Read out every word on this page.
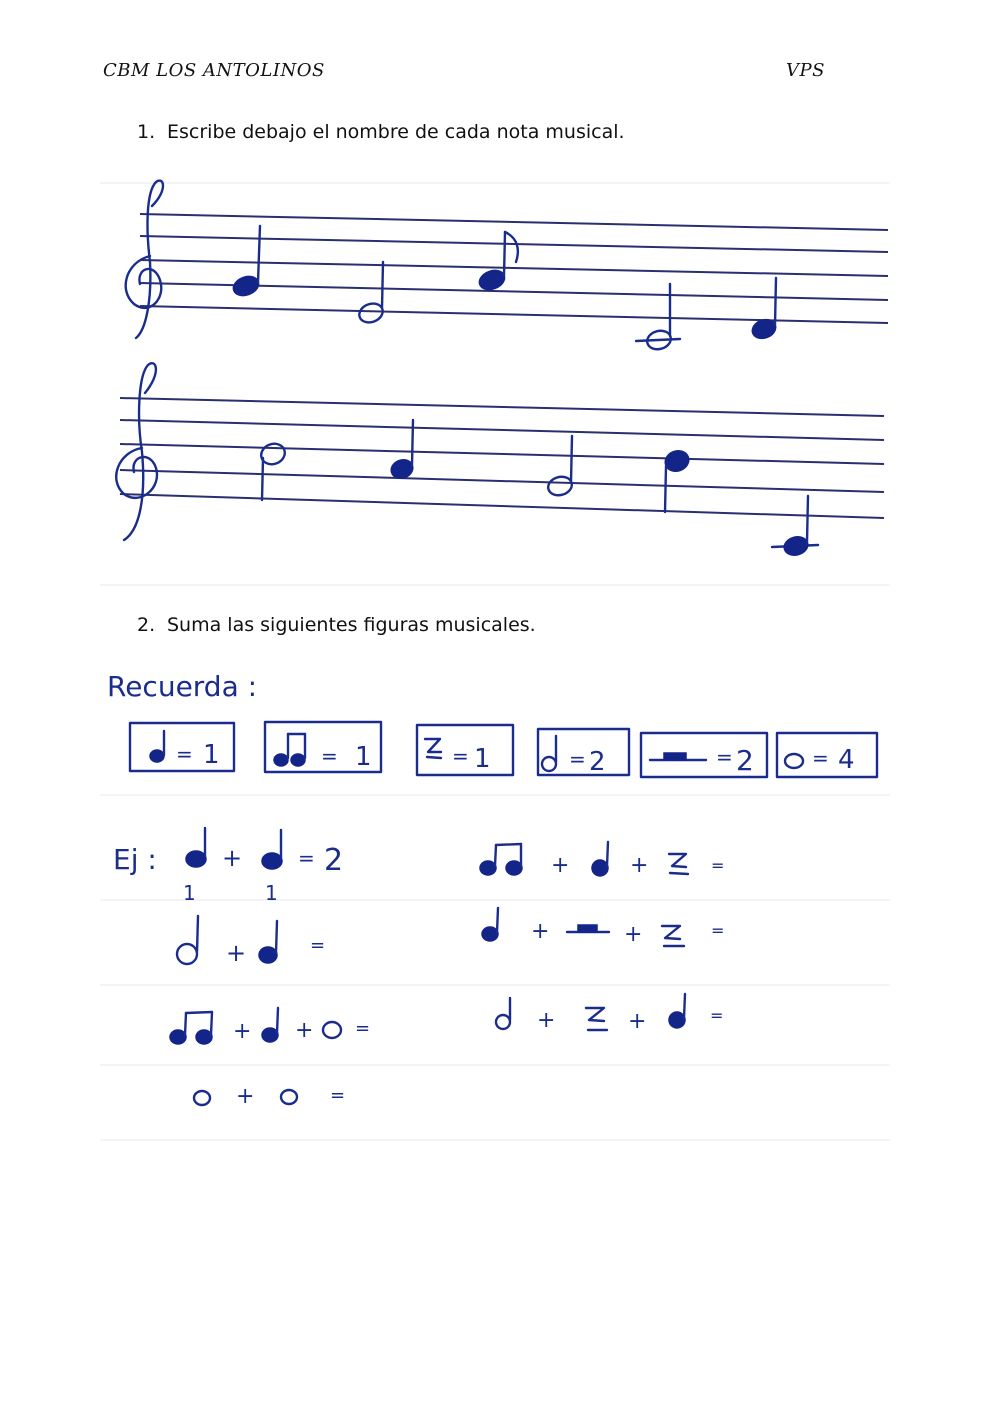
CBM LOS ANTOLINOS	VPS
1. Escribe debajo el nombre de cada nota musical.
2. Suma las siguientes figuras musicales.
Recuerda :
= 1	= 1	= 1	= 2	= 2	= 4
Ej :	+	= 2
1	1
+	=
+ + =
+	=
+	+	=
+	+	=
+	+	=
